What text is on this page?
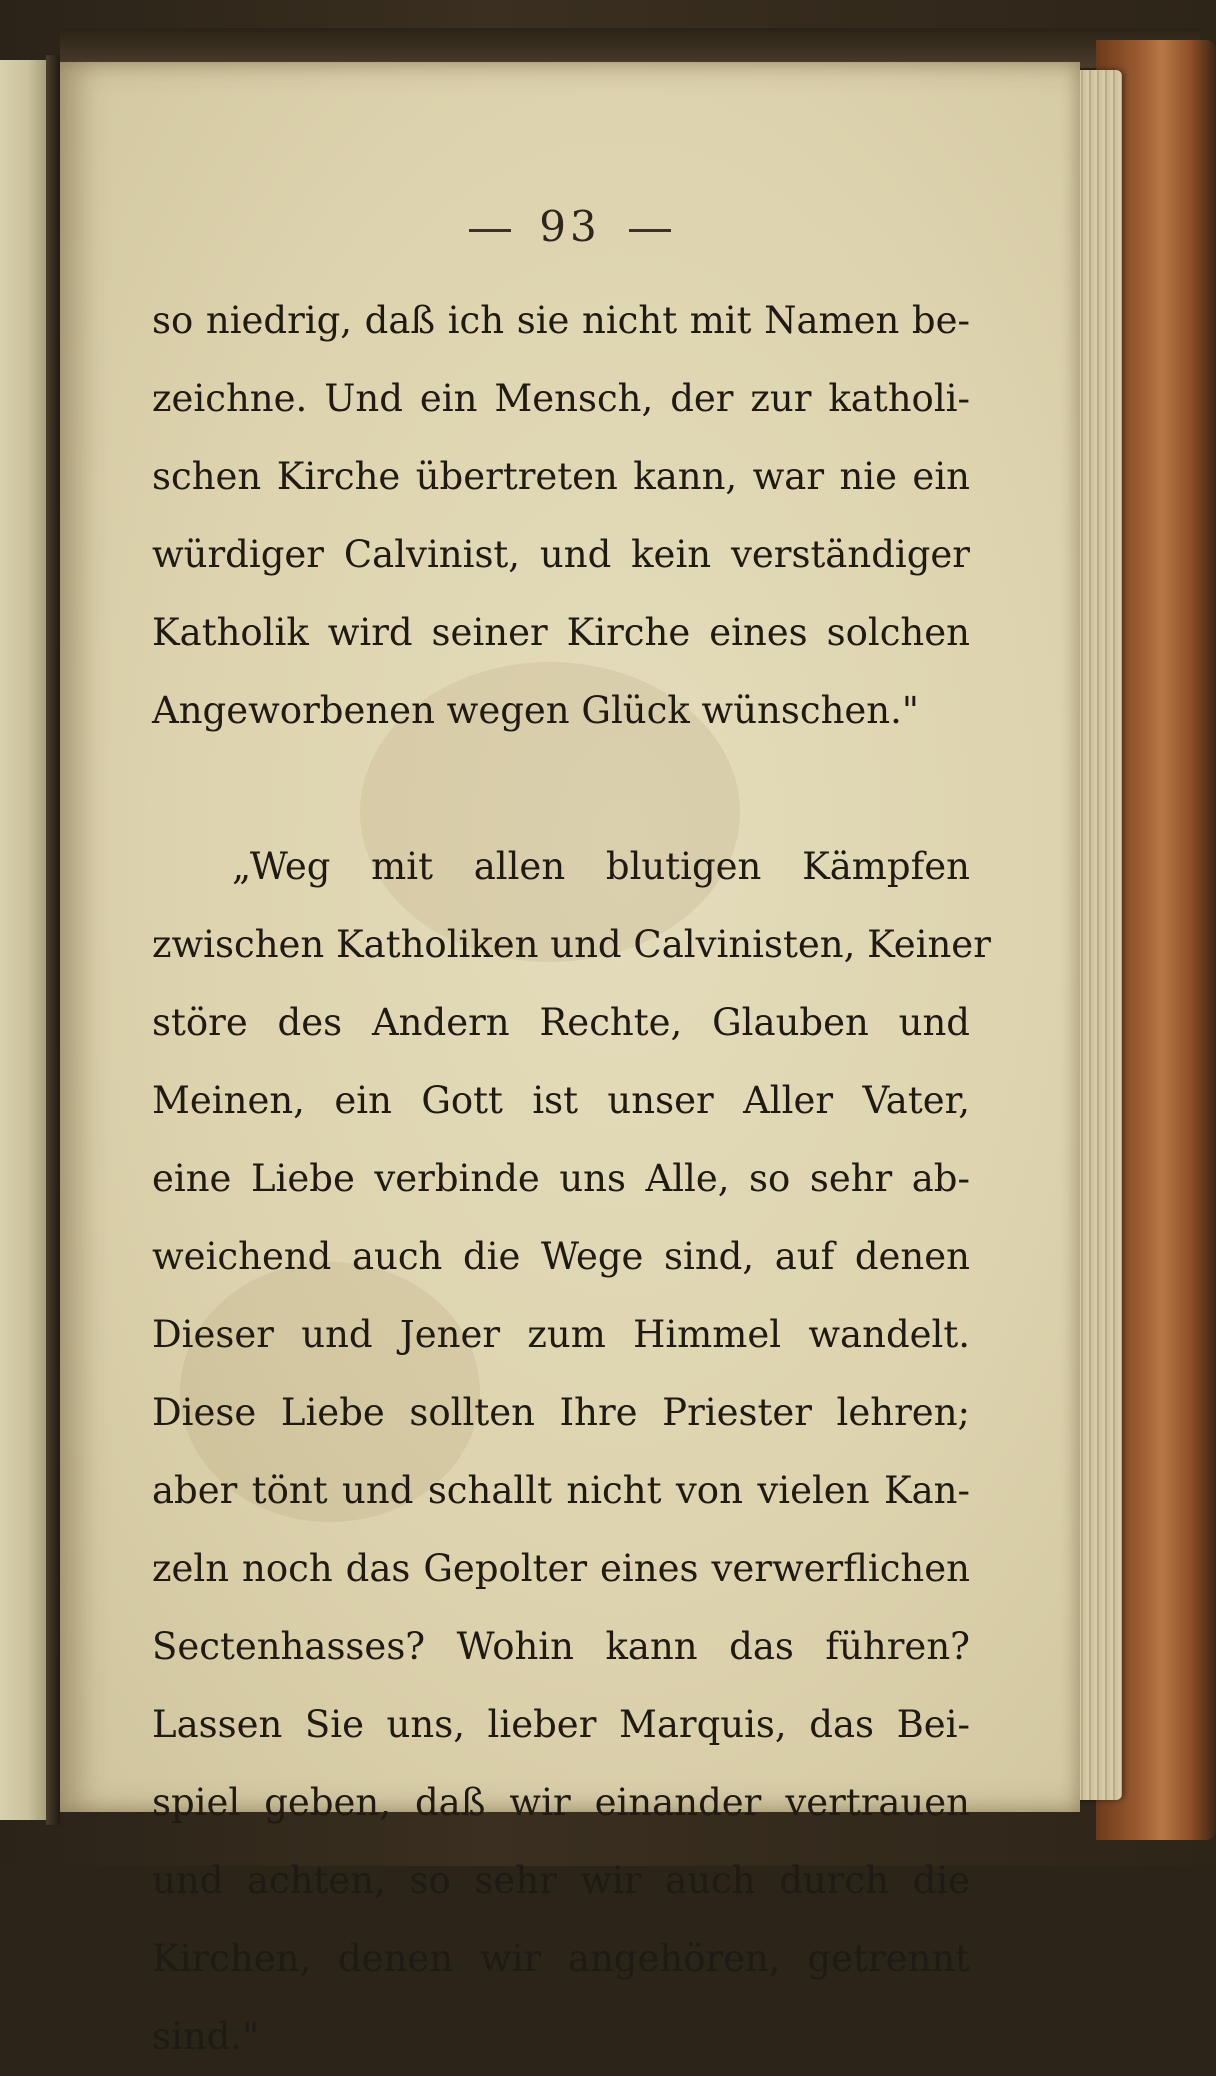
93
so niedrig, daß ich sie nicht mit Namen be-
zeichne. Und ein Mensch, der zur katholi-
schen Kirche übertreten kann, war nie ein
würdiger Calvinist, und kein verständiger
Katholik wird seiner Kirche eines solchen
Angeworbenen wegen Glück wünschen."
„Weg mit allen blutigen Kämpfen
zwischen Katholiken und Calvinisten, Keiner
störe des Andern Rechte, Glauben und
Meinen, ein Gott ist unser Aller Vater,
eine Liebe verbinde uns Alle, so sehr ab-
weichend auch die Wege sind, auf denen
Dieser und Jener zum Himmel wandelt.
Diese Liebe sollten Ihre Priester lehren;
aber tönt und schallt nicht von vielen Kan-
zeln noch das Gepolter eines verwerflichen
Sectenhasses? Wohin kann das führen?
Lassen Sie uns, lieber Marquis, das Bei-
spiel geben, daß wir einander vertrauen
und achten, so sehr wir auch durch die
Kirchen, denen wir angehören, getrennt
sind."
